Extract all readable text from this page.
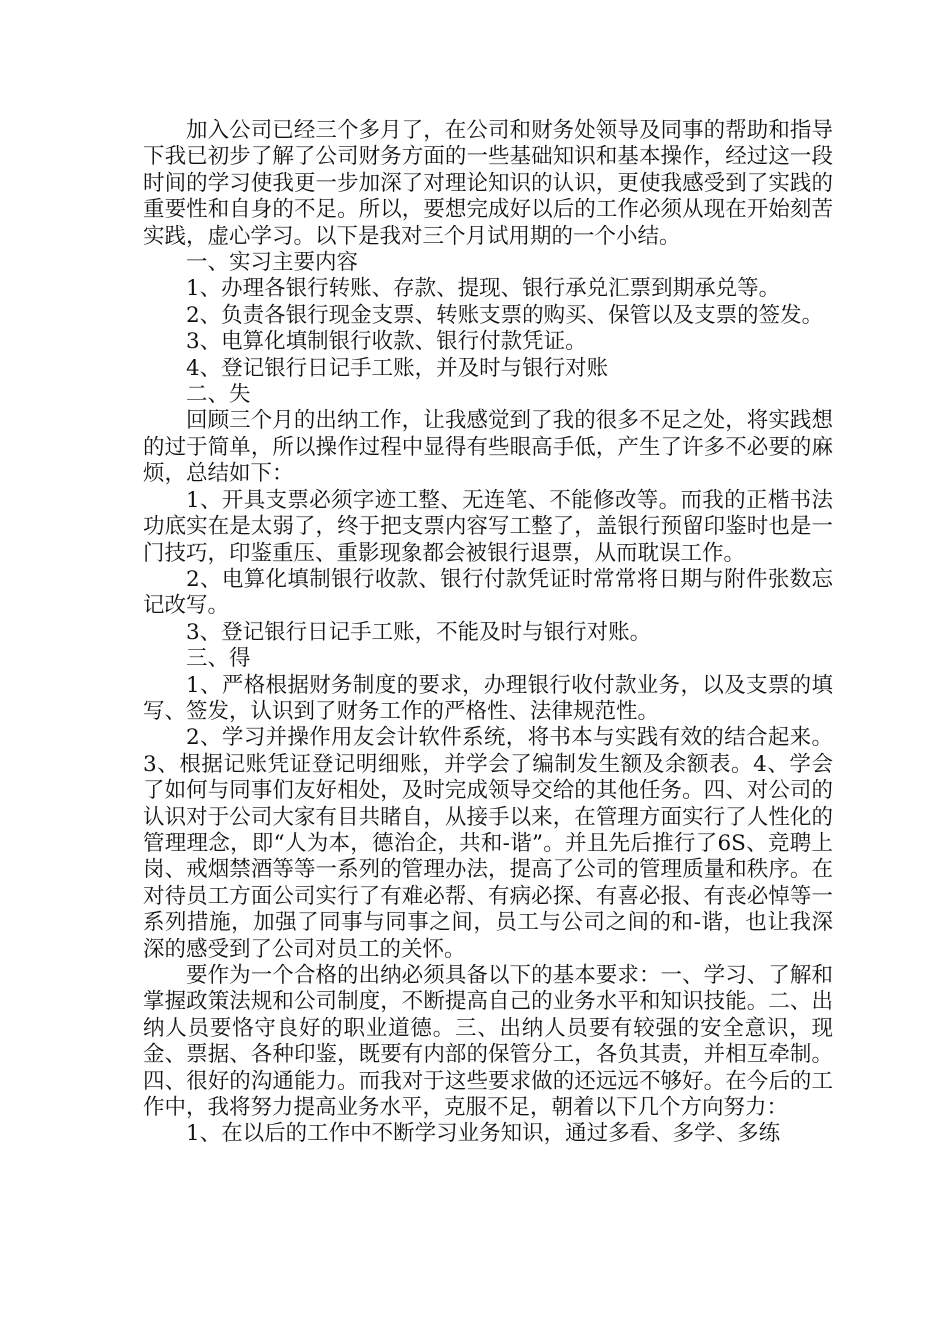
加入公司已经三个多月了，在公司和财务处领导及同事的帮助和指导下我已初步了解了公司财务方面的一些基础知识和基本操作，经过这一段时间的学习使我更一步加深了对理论知识的认识，更使我感受到了实践的重要性和自身的不足。所以，要想完成好以后的工作必须从现在开始刻苦实践，虚心学习。以下是我对三个月试用期的一个小结。

一、实习主要内容

1、办理各银行转账、存款、提现、银行承兑汇票到期承兑等。

2、负责各银行现金支票、转账支票的购买、保管以及支票的签发。

3、电算化填制银行收款、银行付款凭证。

4、登记银行日记手工账，并及时与银行对账

二、失

回顾三个月的出纳工作，让我感觉到了我的很多不足之处，将实践想的过于简单，所以操作过程中显得有些眼高手低，产生了许多不必要的麻烦，总结如下：

1、开具支票必须字迹工整、无连笔、不能修改等。而我的正楷书法功底实在是太弱了，终于把支票内容写工整了，盖银行预留印鉴时也是一门技巧，印鉴重压、重影现象都会被银行退票，从而耽误工作。

2、电算化填制银行收款、银行付款凭证时常常将日期与附件张数忘记改写。

3、登记银行日记手工账，不能及时与银行对账。

三、得

1、严格根据财务制度的要求，办理银行收付款业务，以及支票的填写、签发，认识到了财务工作的严格性、法律规范性。

2、学习并操作用友会计软件系统，将书本与实践有效的结合起来。 3、根据记账凭证登记明细账，并学会了编制发生额及余额表。4、学会了如何与同事们友好相处，及时完成领导交给的其他任务。四、对公司的认识对于公司大家有目共睹自，从接手以来，在管理方面实行了人性化的管理理念，即“人为本，德治企，共和-谐”。并且先后推行了6S、竞聘上岗、戒烟禁酒等等一系列的管理办法，提高了公司的管理质量和秩序。在对待员工方面公司实行了有难必帮、有病必探、有喜必报、有丧必悼等一系列措施，加强了同事与同事之间，员工与公司之间的和-谐，也让我深深的感受到了公司对员工的关怀。

要作为一个合格的出纳必须具备以下的基本要求：一、学习、了解和掌握政策法规和公司制度，不断提高自己的业务水平和知识技能。二、出纳人员要恪守良好的职业道德。三、出纳人员要有较强的安全意识，现金、票据、各种印鉴，既要有内部的保管分工，各负其责，并相互牵制。四、很好的沟通能力。而我对于这些要求做的还远远不够好。在今后的工作中，我将努力提高业务水平，克服不足，朝着以下几个方向努力：

1、在以后的工作中不断学习业务知识，通过多看、多学、多练
